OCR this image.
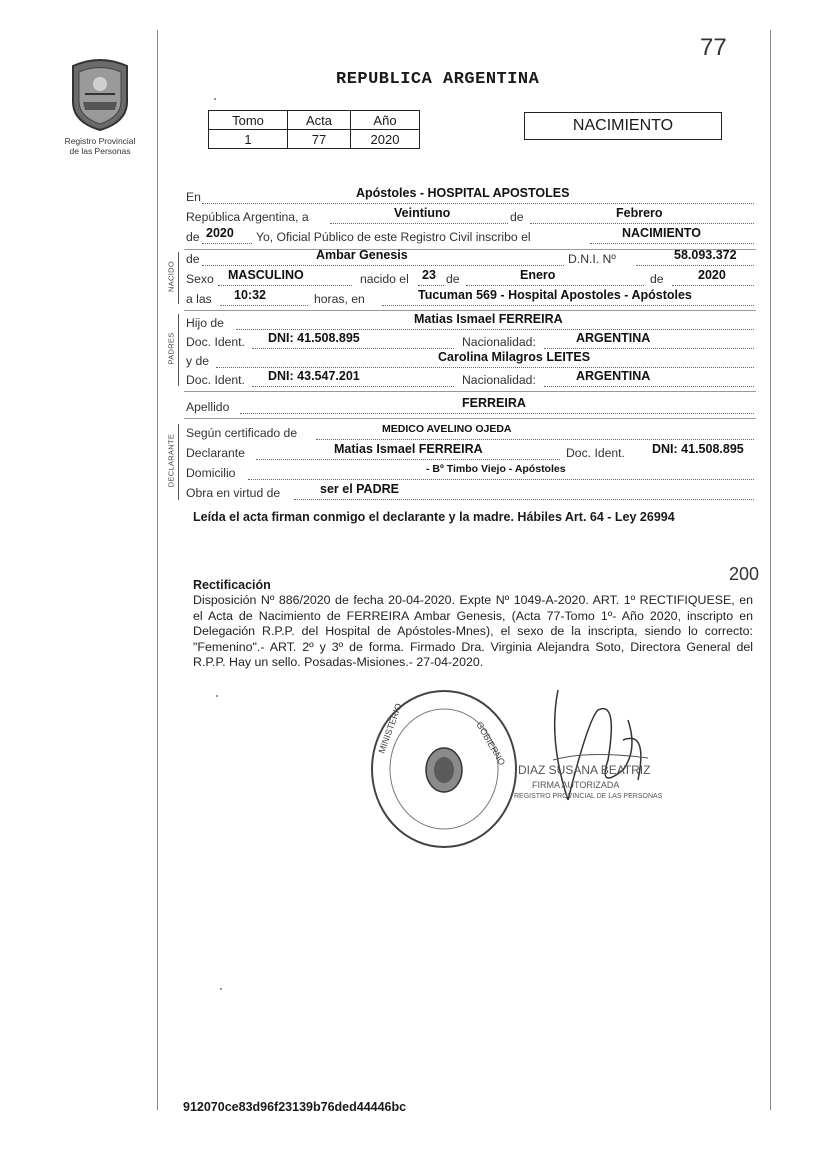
77
Registro Provincial
de las Personas
REPUBLICA ARGENTINA
Tomo	Acta	Año
1	77	2020
NACIMIENTO
En	Apóstoles - HOSPITAL APOSTOLES
República Argentina, a	Veintiuno	de	Febrero
de 2020 Yo, Oficial Público de este Registro Civil inscribo el	NACIMIENTO
NACIDO
de	Ambar Genesis	D.N.I. Nº	58.093.372
Sexo MASCULINO	nacido el 23 de	Enero	de	2020
a las 10:32	horas, en	Tucuman 569 - Hospital Apostoles - Apóstoles
PADRES
Hijo de	Matias Ismael FERREIRA
Doc. Ident. DNI: 41.508.895	Nacionalidad:	ARGENTINA
y de	Carolina Milagros LEITES
Doc. Ident. DNI: 43.547.201	Nacionalidad:	ARGENTINA
Apellido	FERREIRA
DECLARANTE
Según certificado de	MEDICO AVELINO OJEDA
Declarante	Matias Ismael FERREIRA	Doc. Ident. DNI: 41.508.895
Domicilio	- Bº Timbo Viejo - Apóstoles
Obra en virtud de	ser el PADRE
Leída el acta firman conmigo el declarante y la madre. Hábiles Art. 64 - Ley 26994
200
Rectificación
Disposición Nº 886/2020 de fecha 20-04-2020. Expte Nº 1049-A-2020. ART. 1º RECTIFIQUESE, en el Acta de Nacimiento de FERREIRA Ambar Genesis, (Acta 77-Tomo 1º- Año 2020, inscripto en Delegación R.P.P. del Hospital de Apóstoles-Mnes), el sexo de la inscripta, siendo lo correcto: "Femenino".- ART. 2º y 3º de forma. Firmado Dra. Virginia Alejandra Soto, Directora General del R.P.P. Hay un sello. Posadas-Misiones.- 27-04-2020.
MINISTERIO	GOBIERNO
DIAZ SUSANA BEATRIZ
FIRMA AUTORIZADA
REGISTRO PROVINCIAL DE LAS PERSONAS
912070ce83d96f23139b76ded44446bc
